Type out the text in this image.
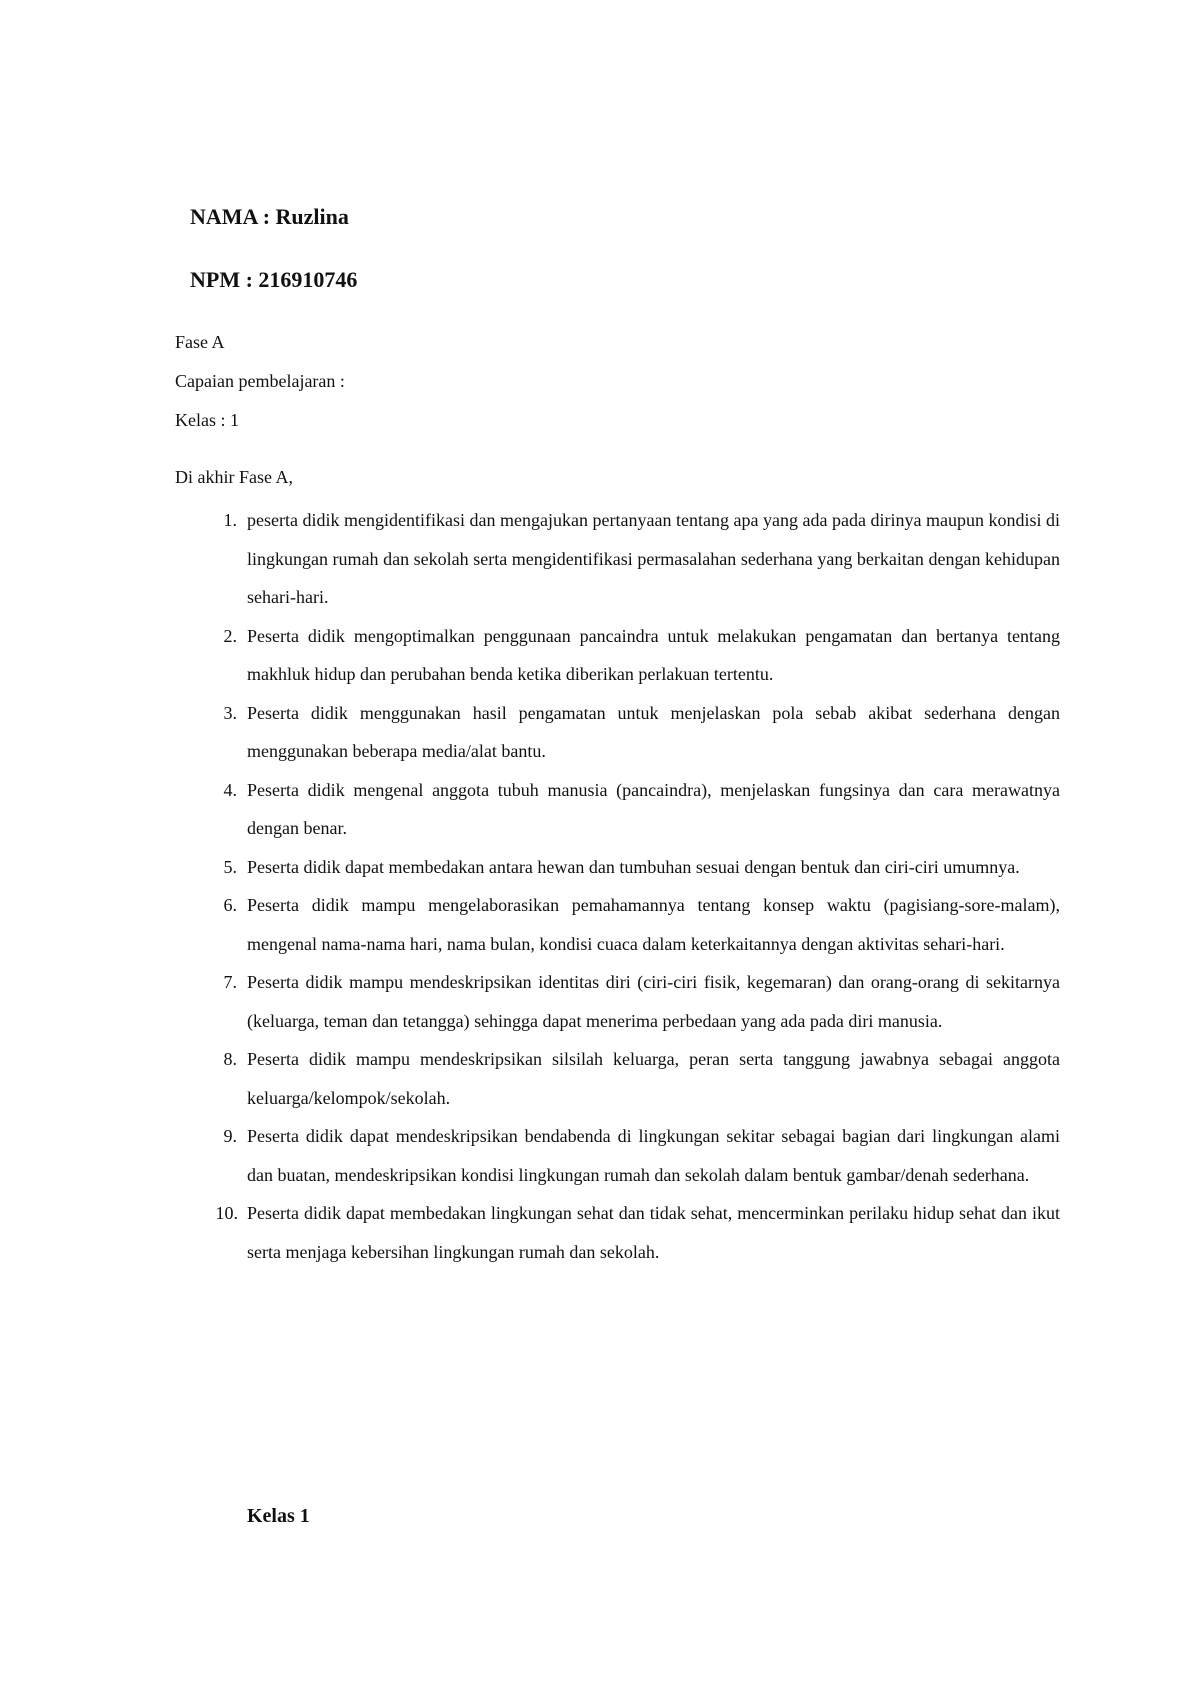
NAMA : Ruzlina

NPM : 216910746

Fase A

Capaian pembelajaran :

Kelas : 1

Di akhir Fase A,

1. peserta didik mengidentifikasi dan mengajukan pertanyaan tentang apa yang ada pada dirinya maupun kondisi di lingkungan rumah dan sekolah serta mengidentifikasi permasalahan sederhana yang berkaitan dengan kehidupan sehari-hari.
2. Peserta didik mengoptimalkan penggunaan pancaindra untuk melakukan pengamatan dan bertanya tentang makhluk hidup dan perubahan benda ketika diberikan perlakuan tertentu.
3. Peserta didik menggunakan hasil pengamatan untuk menjelaskan pola sebab akibat sederhana dengan menggunakan beberapa media/alat bantu.
4. Peserta didik mengenal anggota tubuh manusia (pancaindra), menjelaskan fungsinya dan cara merawatnya dengan benar.
5. Peserta didik dapat membedakan antara hewan dan tumbuhan sesuai dengan bentuk dan ciri-ciri umumnya.
6. Peserta didik mampu mengelaborasikan pemahamannya tentang konsep waktu (pagisiang-sore-malam), mengenal nama-nama hari, nama bulan, kondisi cuaca dalam keterkaitannya dengan aktivitas sehari-hari.
7. Peserta didik mampu mendeskripsikan identitas diri (ciri-ciri fisik, kegemaran) dan orang-orang di sekitarnya (keluarga, teman dan tetangga) sehingga dapat menerima perbedaan yang ada pada diri manusia.
8. Peserta didik mampu mendeskripsikan silsilah keluarga, peran serta tanggung jawabnya sebagai anggota keluarga/kelompok/sekolah.
9. Peserta didik dapat mendeskripsikan bendabenda di lingkungan sekitar sebagai bagian dari lingkungan alami dan buatan, mendeskripsikan kondisi lingkungan rumah dan sekolah dalam bentuk gambar/denah sederhana.
10. Peserta didik dapat membedakan lingkungan sehat dan tidak sehat, mencerminkan perilaku hidup sehat dan ikut serta menjaga kebersihan lingkungan rumah dan sekolah.

Kelas 1
